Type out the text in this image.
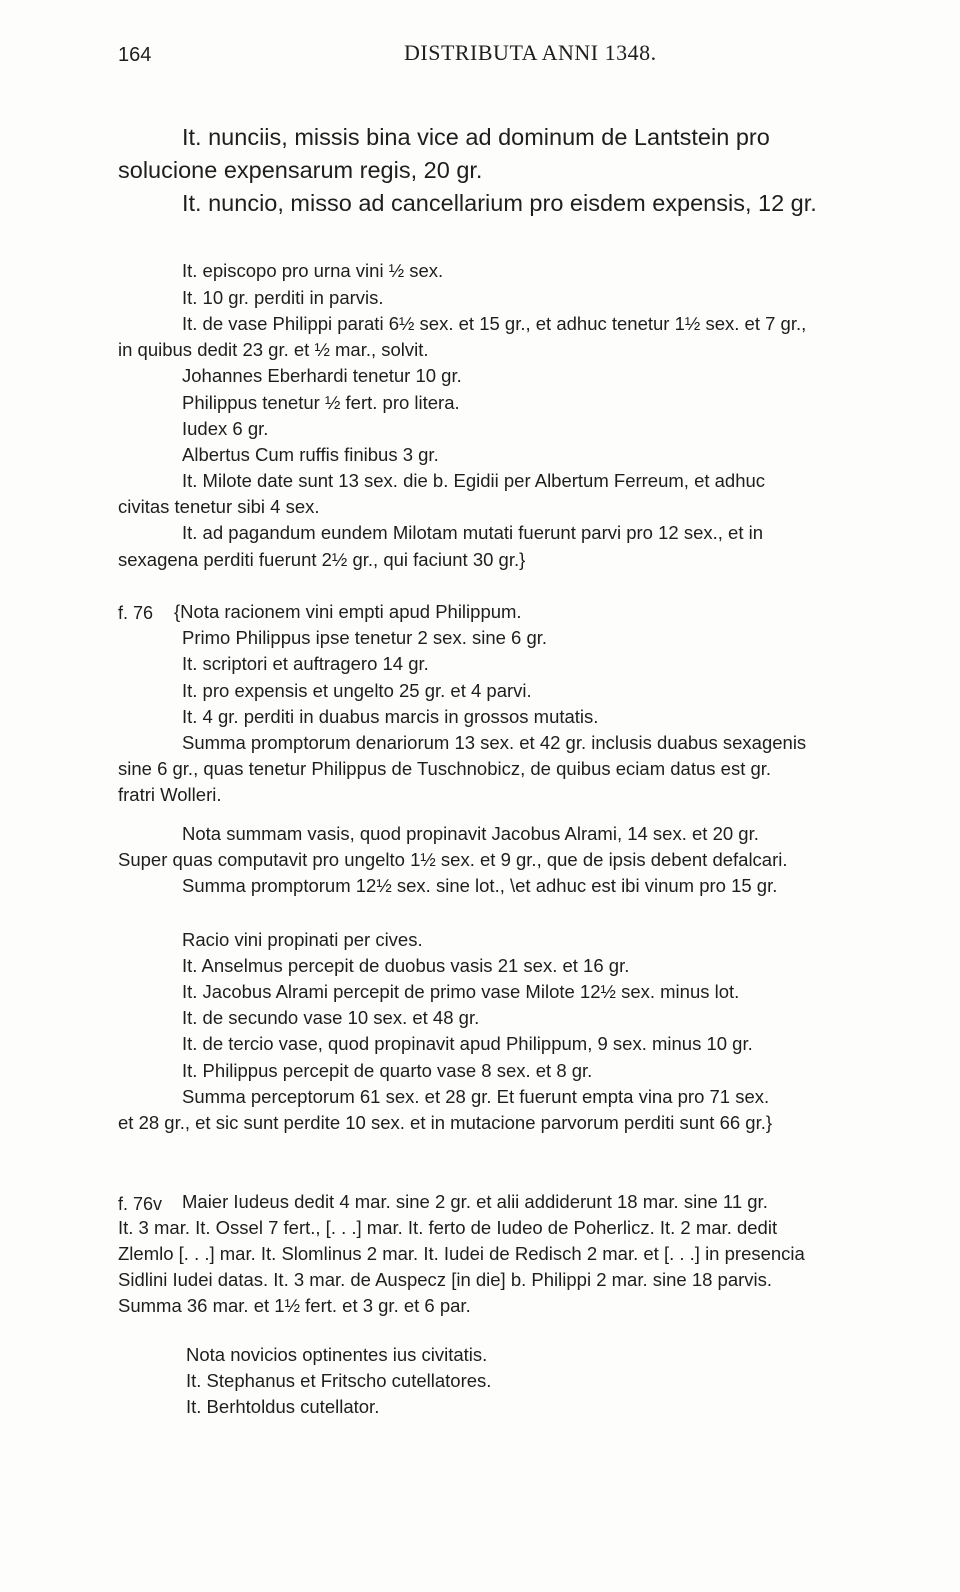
164	DISTRIBUTA ANNI 1348.
It. nunciis, missis bina vice ad dominum de Lantstein pro
solucione expensarum regis, 20 gr.
It. nuncio, misso ad cancellarium pro eisdem expensis, 12 gr.
It. episcopo pro urna vini ½ sex.
It. 10 gr. perditi in parvis.
It. de vase Philippi parati 6½ sex. et 15 gr., et adhuc tenetur 1½ sex. et 7 gr.,
in quibus dedit 23 gr. et ½ mar., solvit.
Johannes Eberhardi tenetur 10 gr.
Philippus tenetur ½ fert. pro litera.
Iudex 6 gr.
Albertus Cum ruffis finibus 3 gr.
It. Milote date sunt 13 sex. die b. Egidii per Albertum Ferreum, et adhuc
civitas tenetur sibi 4 sex.
It. ad pagandum eundem Milotam mutati fuerunt parvi pro 12 sex., et in
sexagena perditi fuerunt 2½ gr., qui faciunt 30 gr.}
f. 76 {Nota racionem vini empti apud Philippum.
Primo Philippus ipse tenetur 2 sex. sine 6 gr.
It. scriptori et auftragero 14 gr.
It. pro expensis et ungelto 25 gr. et 4 parvi.
It. 4 gr. perditi in duabus marcis in grossos mutatis.
Summa promptorum denariorum 13 sex. et 42 gr. inclusis duabus sexagenis
sine 6 gr., quas tenetur Philippus de Tuschnobicz, de quibus eciam datus est gr.
fratri Wolleri.
Nota summam vasis, quod propinavit Jacobus Alrami, 14 sex. et 20 gr.
Super quas computavit pro ungelto 1½ sex. et 9 gr., que de ipsis debent defalcari.
Summa promptorum 12½ sex. sine lot., \et adhuc est ibi vinum pro 15 gr.
Racio vini propinati per cives.
It. Anselmus percepit de duobus vasis 21 sex. et 16 gr.
It. Jacobus Alrami percepit de primo vase Milote 12½ sex. minus lot.
It. de secundo vase 10 sex. et 48 gr.
It. de tercio vase, quod propinavit apud Philippum, 9 sex. minus 10 gr.
It. Philippus percepit de quarto vase 8 sex. et 8 gr.
Summa perceptorum 61 sex. et 28 gr. Et fuerunt empta vina pro 71 sex.
et 28 gr., et sic sunt perdite 10 sex. et in mutacione parvorum perditi sunt 66 gr.}
f. 76v Maier Iudeus dedit 4 mar. sine 2 gr. et alii addiderunt 18 mar. sine 11 gr.
It. 3 mar. It. Ossel 7 fert., [. . .] mar. It. ferto de Iudeo de Poherlicz. It. 2 mar. dedit
Zlemlo [. . .] mar. It. Slomlinus 2 mar. It. Iudei de Redisch 2 mar. et [. . .] in presencia
Sidlini Iudei datas. It. 3 mar. de Auspecz [in die] b. Philippi 2 mar. sine 18 parvis.
Summa 36 mar. et 1½ fert. et 3 gr. et 6 par.
Nota novicios optinentes ius civitatis.
It. Stephanus et Fritscho cutellatores.
It. Berhtoldus cutellator.
